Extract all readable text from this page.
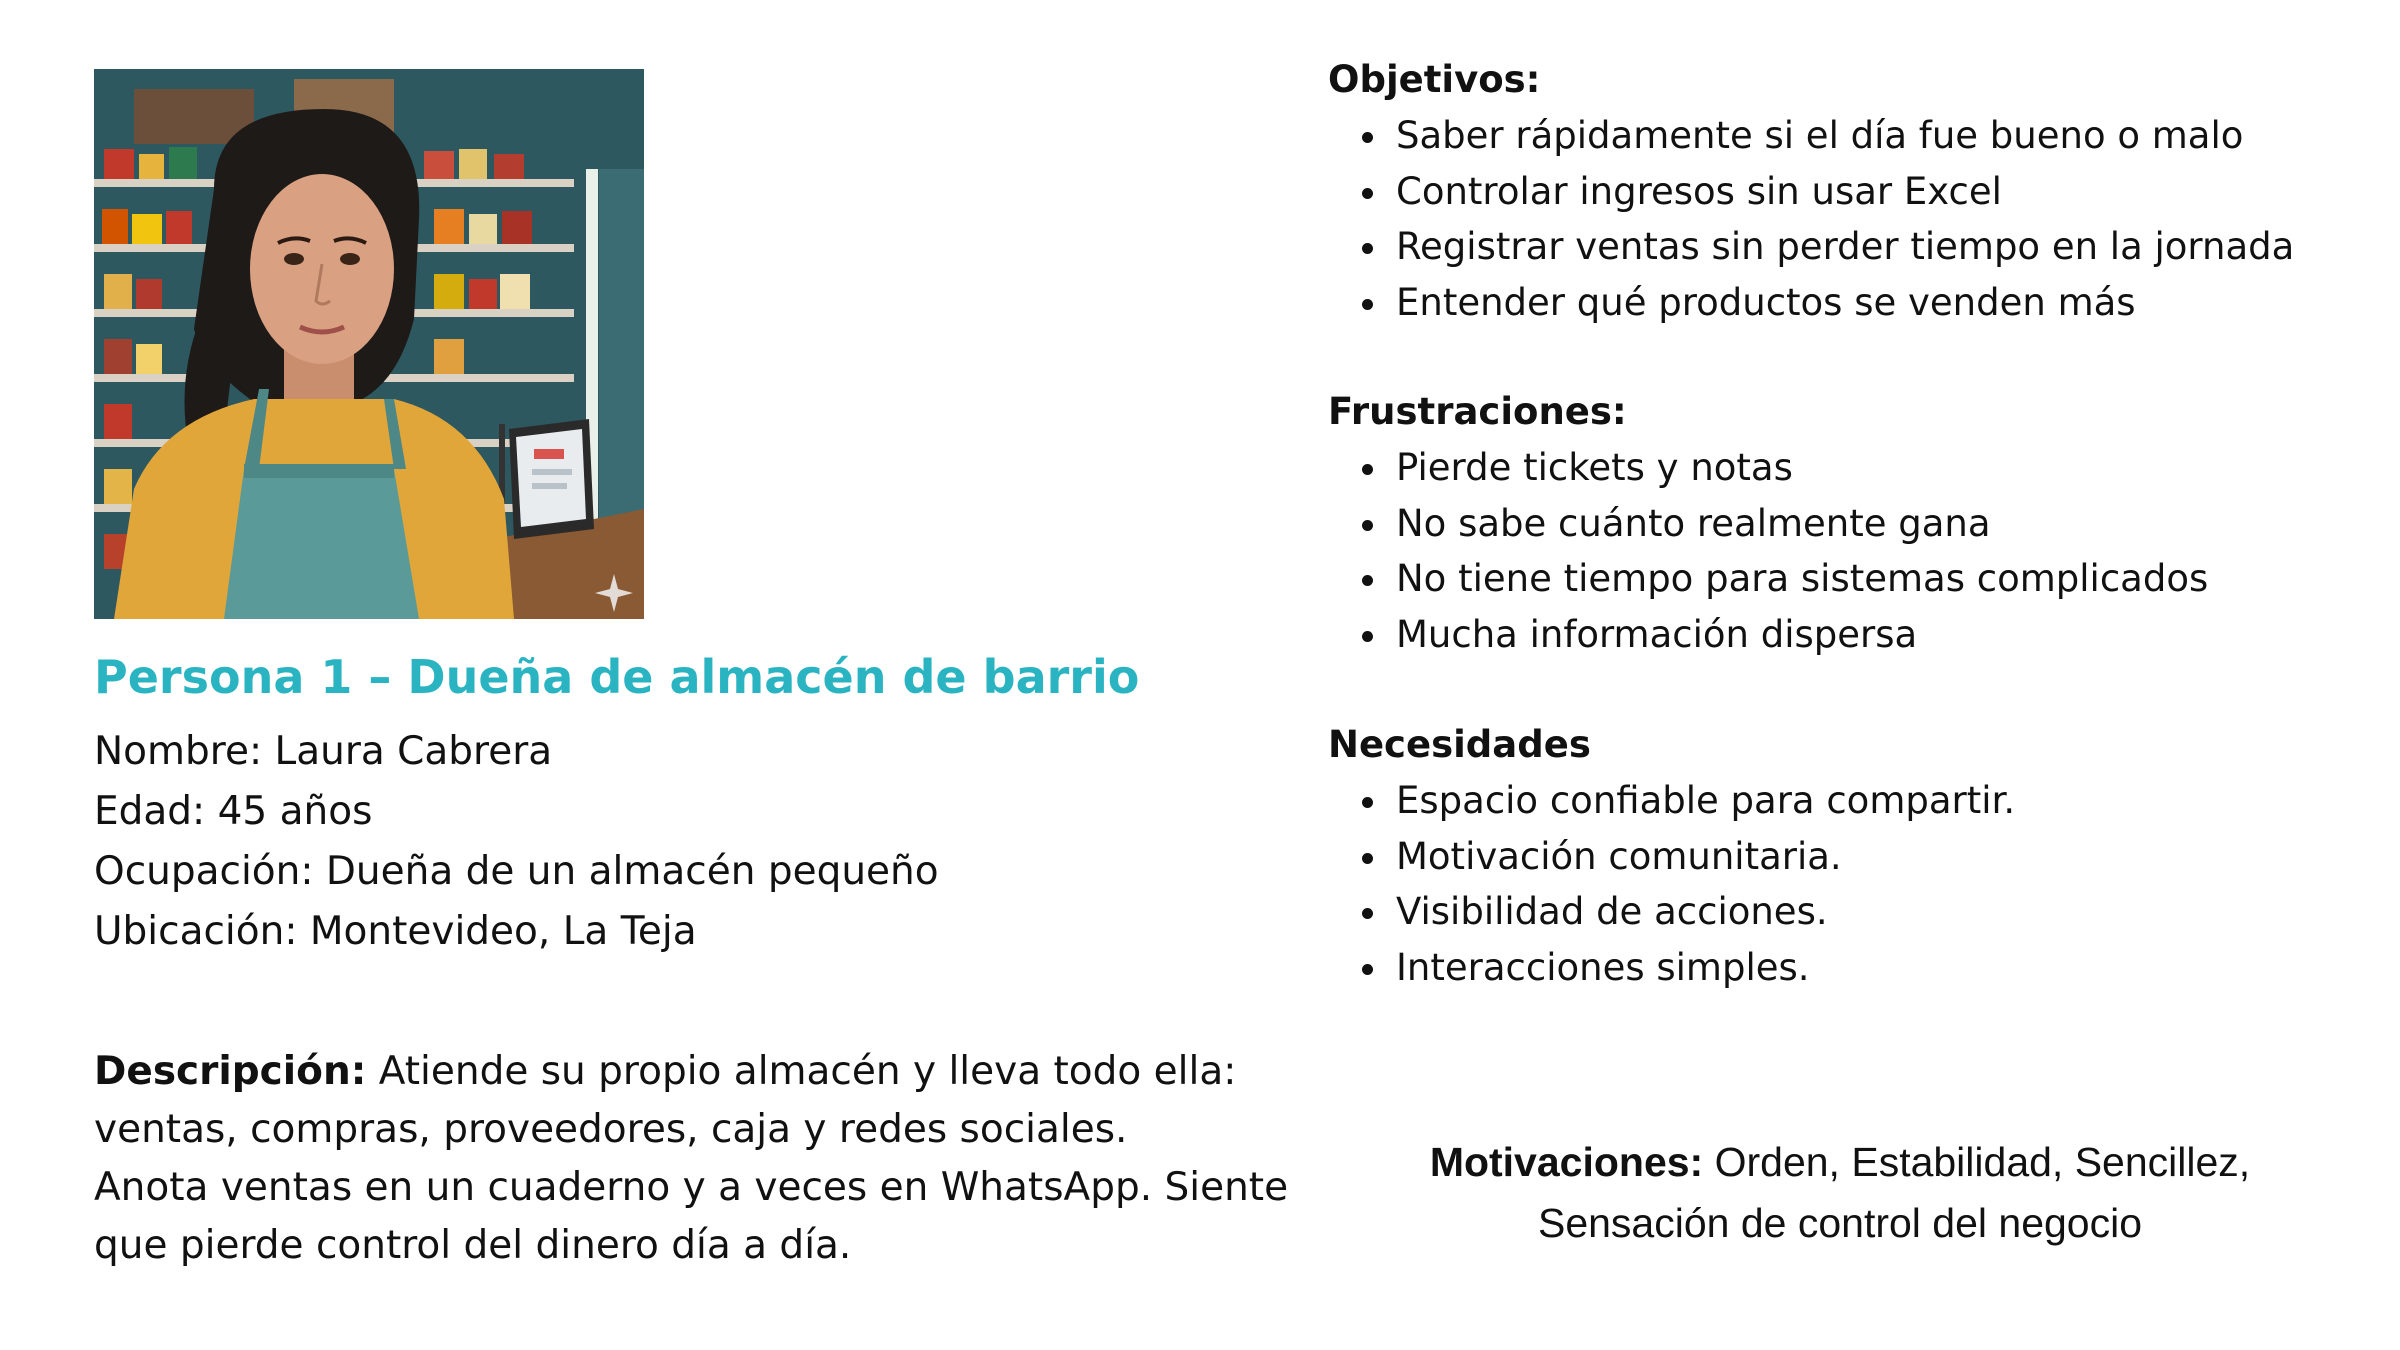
Persona 1 – Dueña de almacén de barrio
Nombre: Laura Cabrera
Edad: 45 años
Ocupación: Dueña de un almacén pequeño
Ubicación: Montevideo, La Teja

Descripción: Atiende su propio almacén y lleva todo ella:
ventas, compras, proveedores, caja y redes sociales.
Anota ventas en un cuaderno y a veces en WhatsApp. Siente
que pierde control del dinero día a día.

Objetivos:
Saber rápidamente si el día fue bueno o malo
Controlar ingresos sin usar Excel
Registrar ventas sin perder tiempo en la jornada
Entender qué productos se venden más
Frustraciones:
Pierde tickets y notas
No sabe cuánto realmente gana
No tiene tiempo para sistemas complicados
Mucha información dispersa
Necesidades
Espacio confiable para compartir.
Motivación comunitaria.
Visibilidad de acciones.
Interacciones simples.

Motivaciones: Orden, Estabilidad, Sencillez,
Sensación de control del negocio
